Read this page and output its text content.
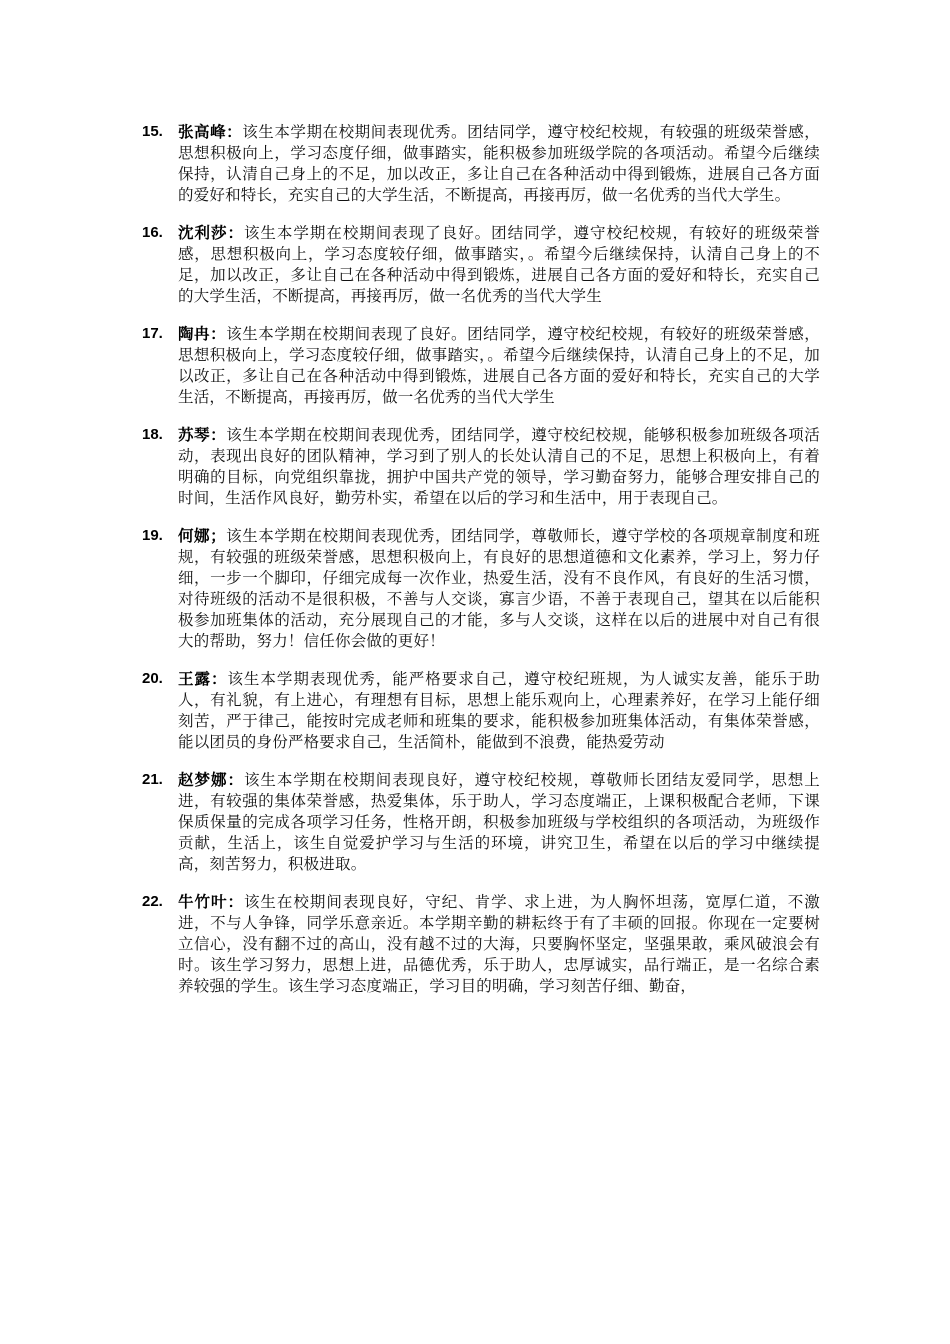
15. 张高峰：该生本学期在校期间表现优秀。团结同学，遵守校纪校规，有较强的班级荣誉感，思想积极向上，学习态度仔细，做事踏实，能积极参加班级学院的各项活动。希望今后继续保持，认清自己身上的不足，加以改正，多让自己在各种活动中得到锻炼，进展自己各方面的爱好和特长，充实自己的大学生活，不断提高，再接再厉，做一名优秀的当代大学生。
16. 沈利莎：该生本学期在校期间表现了良好。团结同学，遵守校纪校规，有较好的班级荣誉感，思想积极向上，学习态度较仔细，做事踏实，。希望今后继续保持，认清自己身上的不足，加以改正，多让自己在各种活动中得到锻炼，进展自己各方面的爱好和特长，充实自己的大学生活，不断提高，再接再厉，做一名优秀的当代大学生
17. 陶冉：该生本学期在校期间表现了良好。团结同学，遵守校纪校规，有较好的班级荣誉感，思想积极向上，学习态度较仔细，做事踏实，。希望今后继续保持，认清自己身上的不足，加以改正，多让自己在各种活动中得到锻炼，进展自己各方面的爱好和特长，充实自己的大学生活，不断提高，再接再厉，做一名优秀的当代大学生
18. 苏琴：该生本学期在校期间表现优秀，团结同学，遵守校纪校规，能够积极参加班级各项活动，表现出良好的团队精神，学习到了别人的长处认清自己的不足，思想上积极向上，有着明确的目标，向党组织靠拢，拥护中国共产党的领导，学习勤奋努力，能够合理安排自己的时间，生活作风良好，勤劳朴实，希望在以后的学习和生活中，用于表现自己。
19. 何娜；该生本学期在校期间表现优秀，团结同学，尊敬师长，遵守学校的各项规章制度和班规，有较强的班级荣誉感，思想积极向上，有良好的思想道德和文化素养，学习上，努力仔细，一步一个脚印，仔细完成每一次作业，热爱生活，没有不良作风，有良好的生活习惯，对待班级的活动不是很积极，不善与人交谈，寡言少语，不善于表现自己，望其在以后能积极参加班集体的活动，充分展现自己的才能，多与人交谈，这样在以后的进展中对自己有很大的帮助，努力！信任你会做的更好！
20. 王露：该生本学期表现优秀，能严格要求自己，遵守校纪班规，为人诚实友善，能乐于助人，有礼貌，有上进心，有理想有目标，思想上能乐观向上，心理素养好，在学习上能仔细刻苦，严于律己，能按时完成老师和班集的要求，能积极参加班集体活动，有集体荣誉感，能以团员的身份严格要求自己，生活简朴，能做到不浪费，能热爱劳动
21. 赵梦娜：该生本学期在校期间表现良好，遵守校纪校规，尊敬师长团结友爱同学，思想上进，有较强的集体荣誉感，热爱集体，乐于助人，学习态度端正，上课积极配合老师，下课保质保量的完成各项学习任务，性格开朗，积极参加班级与学校组织的各项活动，为班级作贡献，生活上，该生自觉爱护学习与生活的环境，讲究卫生，希望在以后的学习中继续提高，刻苦努力，积极进取。
22. 牛竹叶：该生在校期间表现良好，守纪、肯学、求上进，为人胸怀坦荡，宽厚仁道，不激进，不与人争锋，同学乐意亲近。本学期辛勤的耕耘终于有了丰硕的回报。你现在一定要树立信心，没有翻不过的高山，没有越不过的大海，只要胸怀坚定，坚强果敢，乘风破浪会有时。该生学习努力，思想上进，品德优秀，乐于助人，忠厚诚实，品行端正，是一名综合素养较强的学生。该生学习态度端正，学习目的明确，学习刻苦仔细、勤奋，
